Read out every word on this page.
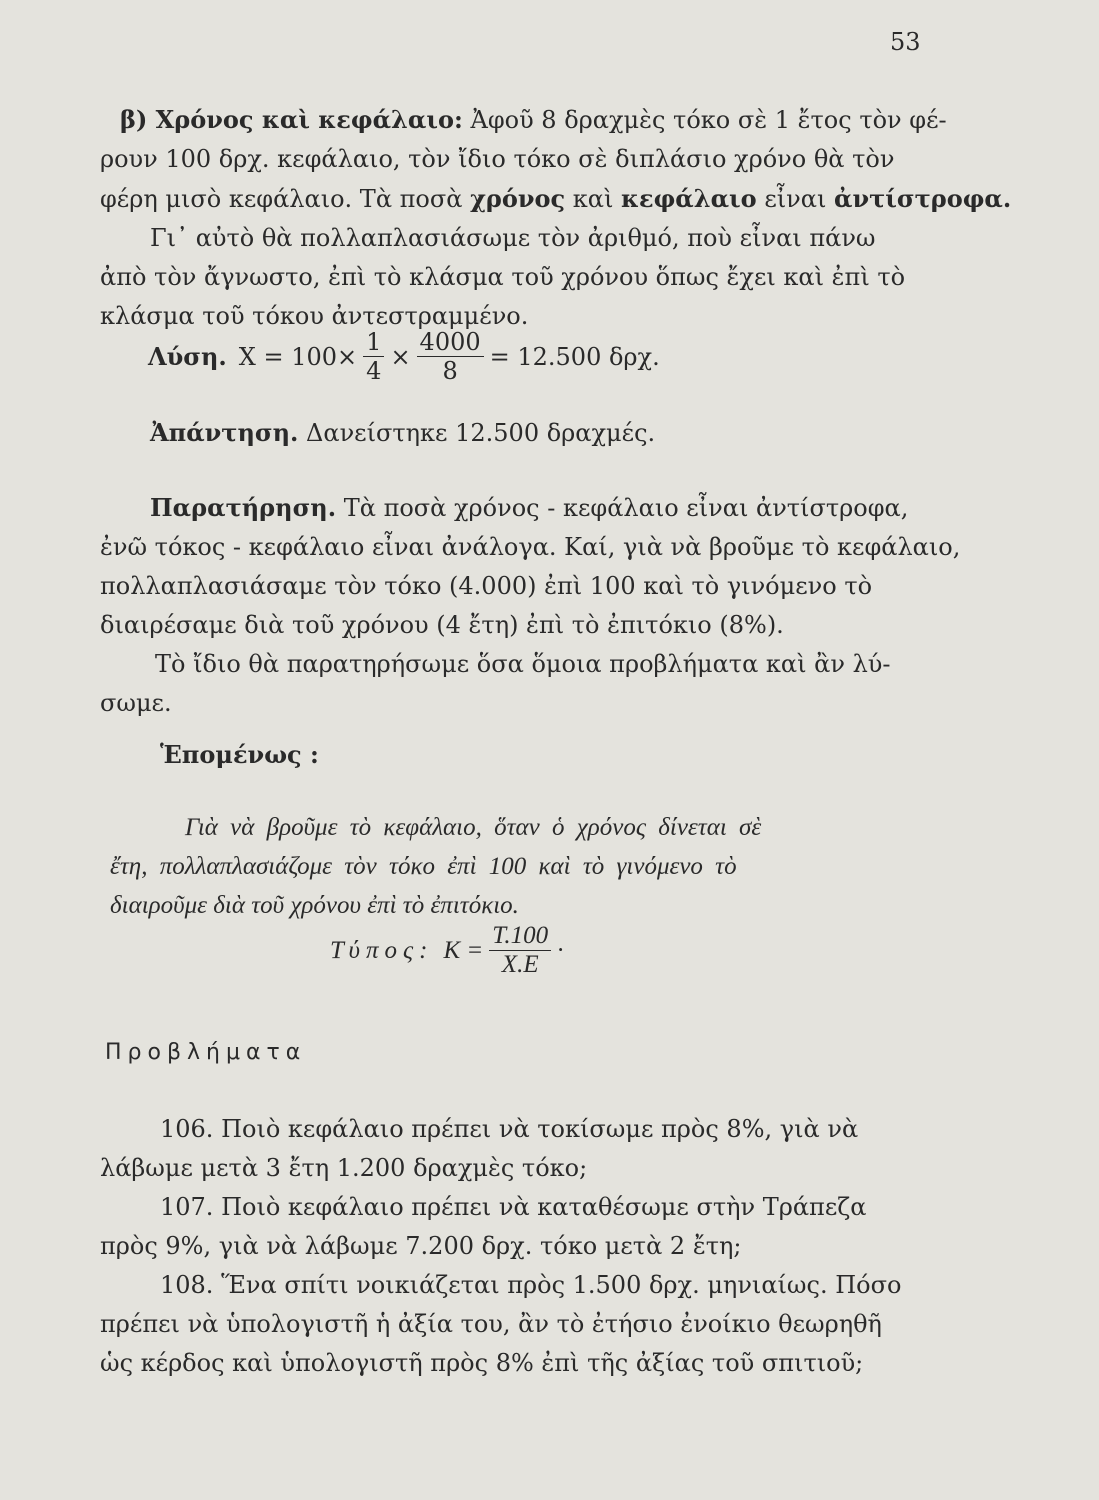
53
β) Χρόνος καὶ κεφάλαιο: Ἀφοῦ 8 δραχμὲς τόκο σὲ 1 ἔτος τὸν φέ-
ρουν 100 δρχ. κεφάλαιο, τὸν ἴδιο τόκο σὲ διπλάσιο χρόνο θὰ τὸν
φέρη μισὸ κεφάλαιο. Τὰ ποσὰ χρόνος καὶ κεφάλαιο εἶναι ἀντίστροφα.
Γι᾽ αὐτὸ θὰ πολλαπλασιάσωμε τὸν ἀριθμό, ποὺ εἶναι πάνω
ἀπὸ τὸν ἄγνωστο, ἐπὶ τὸ κλάσμα τοῦ χρόνου ὅπως ἔχει καὶ ἐπὶ τὸ
κλάσμα τοῦ τόκου ἀντεστραμμένο.
Λύση. $X = 100\times \frac{1}{4} \times \frac{4000}{8} = 12.500$ δρχ.
Ἀπάντηση. Δανείστηκε 12.500 δραχμές.
Παρατήρηση. Τὰ ποσὰ χρόνος - κεφάλαιο εἶναι ἀντίστροφα,
ἐνῶ τόκος - κεφάλαιο εἶναι ἀνάλογα. Καί, γιὰ νὰ βροῦμε τὸ κεφάλαιο,
πολλαπλασιάσαμε τὸν τόκο (4.000) ἐπὶ 100 καὶ τὸ γινόμενο τὸ
διαιρέσαμε διὰ τοῦ χρόνου (4 ἔτη) ἐπὶ τὸ ἐπιτόκιο (8%).
Τὸ ἴδιο θὰ παρατηρήσωμε ὅσα ὅμοια προβλήματα καὶ ἂν λύ-
σωμε.
Ἑπομένως :
Γιὰ νὰ βροῦμε τὸ κεφάλαιο, ὅταν ὁ χρόνος δίνεται σὲ
ἔτη, πολλαπλασιάζομε τὸν τόκο ἐπὶ 100 καὶ τὸ γινόμενο τὸ
διαιροῦμε διὰ τοῦ χρόνου ἐπὶ τὸ ἐπιτόκιο.
Τύπος: $K = \frac{T.100}{X.E}$ ·
Προβλήματα
106. Ποιὸ κεφάλαιο πρέπει νὰ τοκίσωμε πρὸς 8%, γιὰ νὰ
λάβωμε μετὰ 3 ἔτη 1.200 δραχμὲς τόκο;
107. Ποιὸ κεφάλαιο πρέπει νὰ καταθέσωμε στὴν Τράπεζα
πρὸς 9%, γιὰ νὰ λάβωμε 7.200 δρχ. τόκο μετὰ 2 ἔτη;
108. Ἕνα σπίτι νοικιάζεται πρὸς 1.500 δρχ. μηνιαίως. Πόσο
πρέπει νὰ ὑπολογιστῆ ἡ ἀξία του, ἂν τὸ ἐτήσιο ἐνοίκιο θεωρηθῆ
ὡς κέρδος καὶ ὑπολογιστῆ πρὸς 8% ἐπὶ τῆς ἀξίας τοῦ σπιτιοῦ;
